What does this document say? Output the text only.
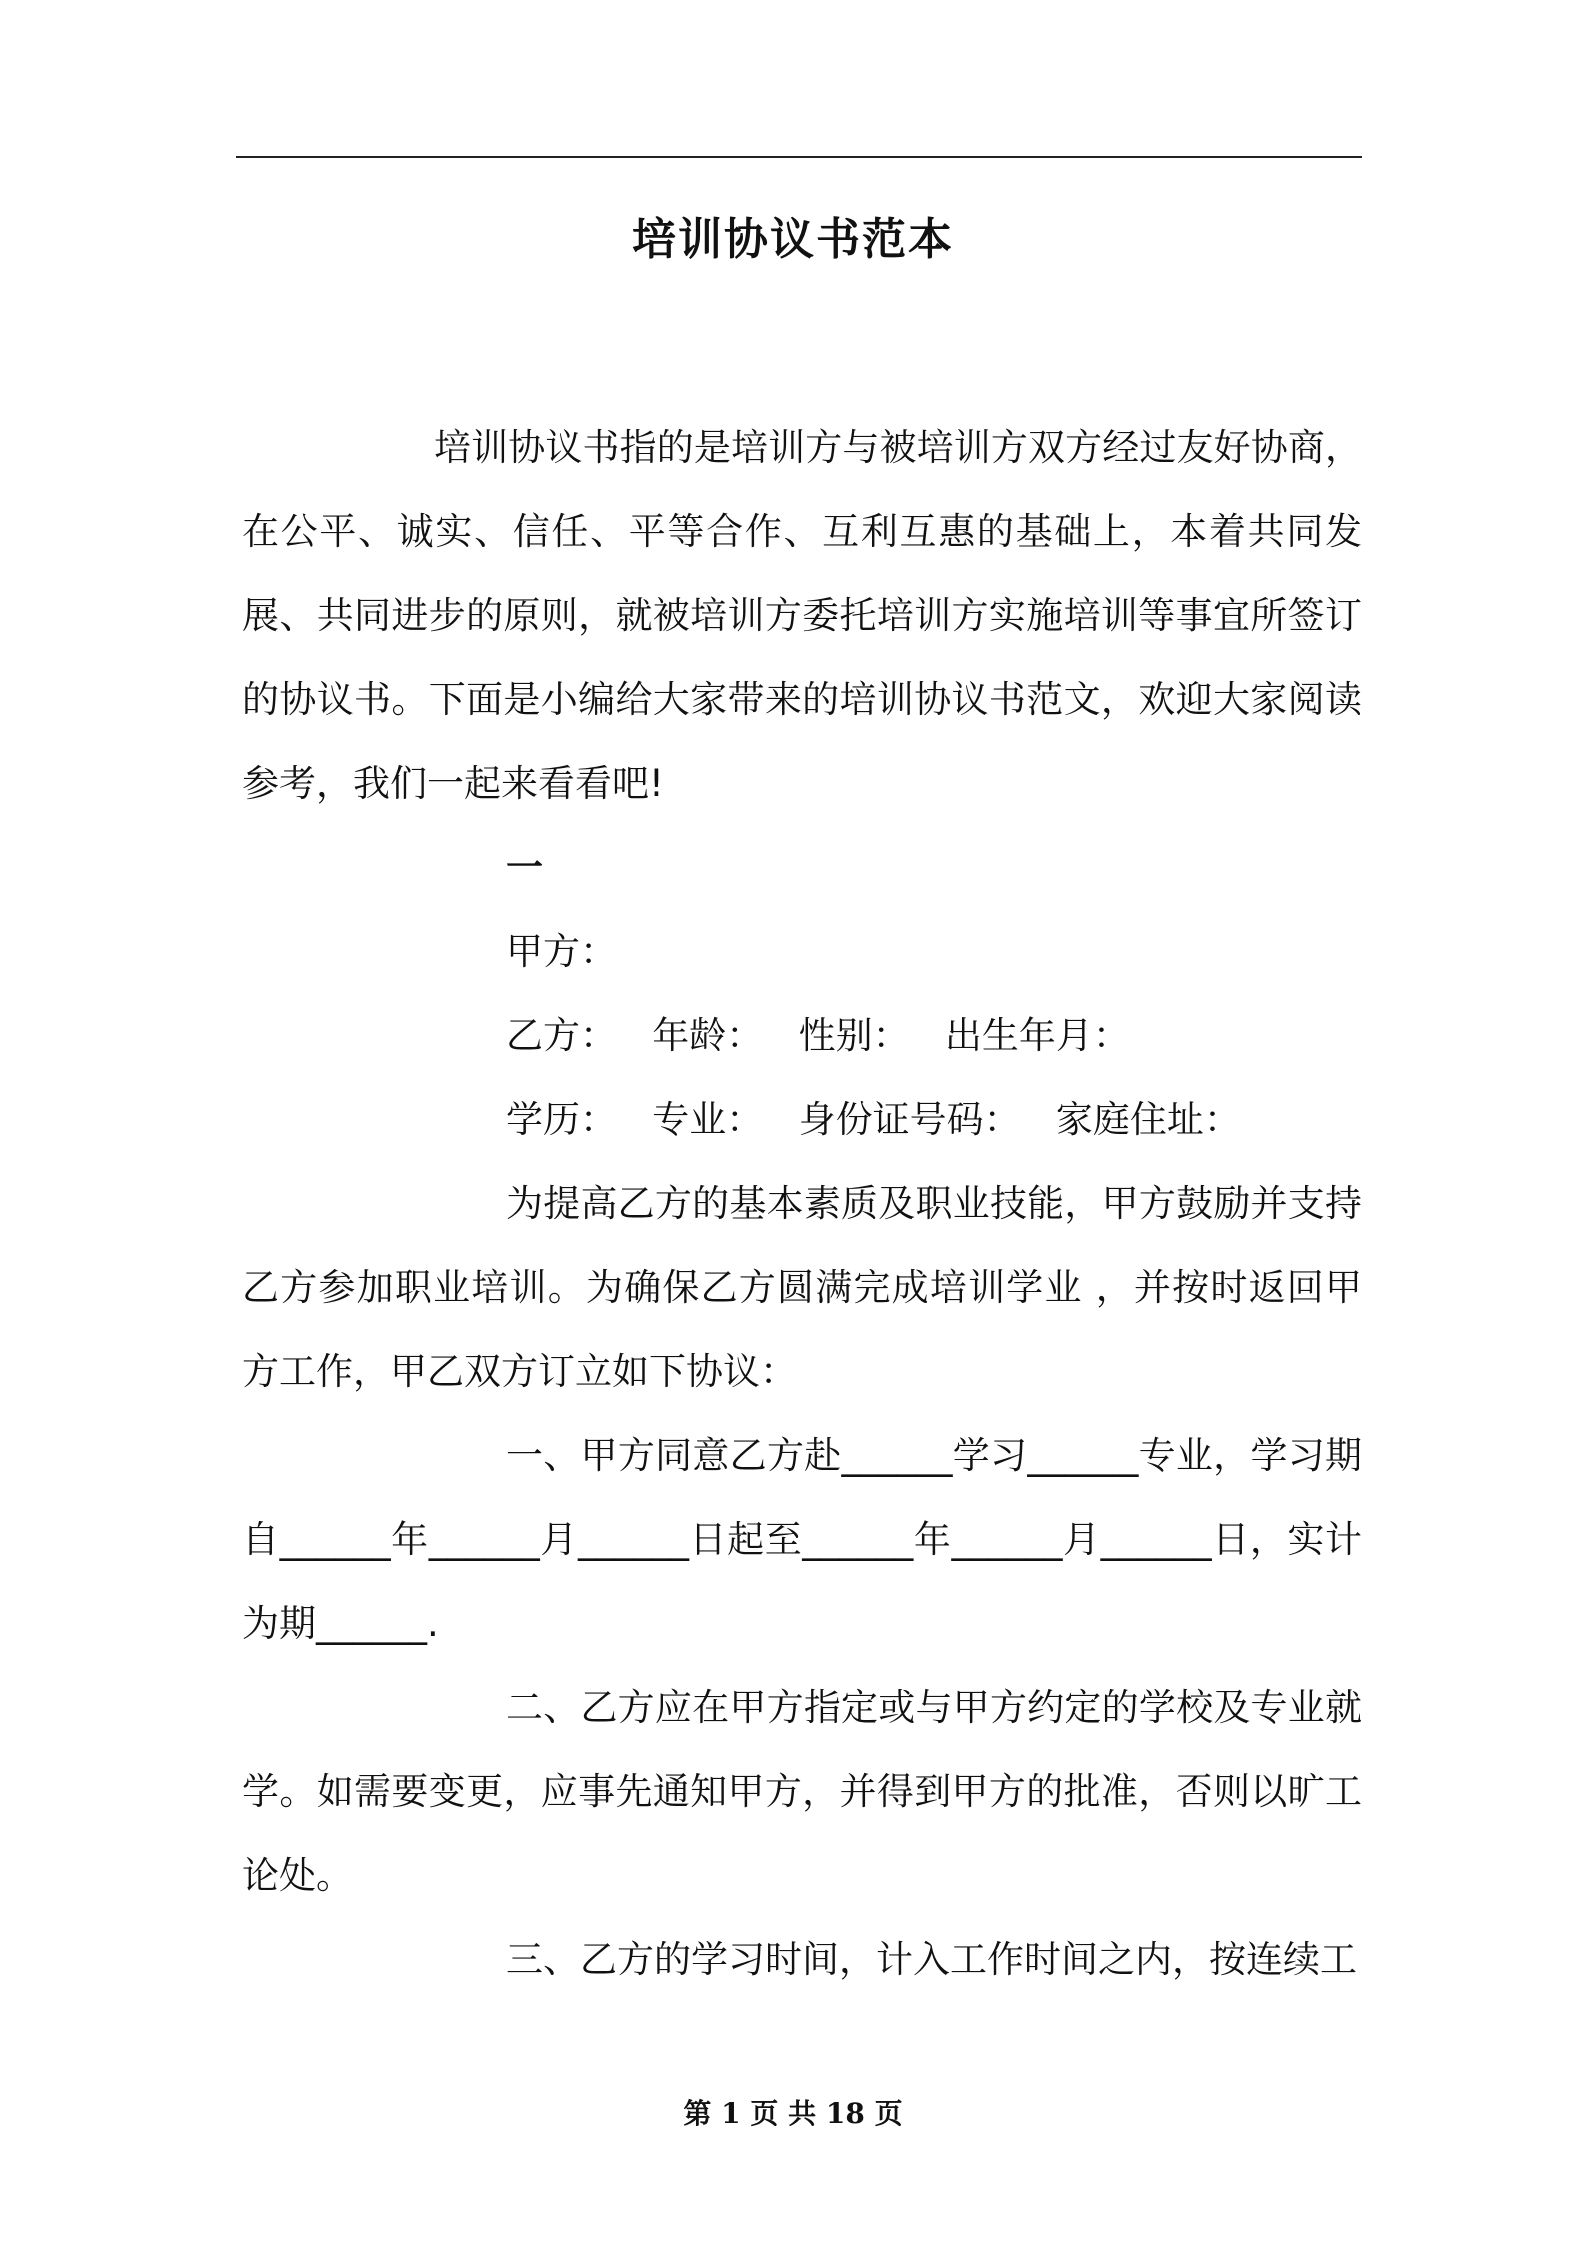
培训协议书范本

培训协议书指的是培训方与被培训方双方经过友好协商，在公平、诚实、信任、平等合作、互利互惠的基础上，本着共同发展、共同进步的原则，就被培训方委托培训方实施培训等事宜所签订的协议书。下面是小编给大家带来的培训协议书范文，欢迎大家阅读参考，我们一起来看看吧!

一

甲方：

乙方：   年龄：   性别：   出生年月：

学历：   专业：   身份证号码：   家庭住址：

为提高乙方的基本素质及职业技能，甲方鼓励并支持乙方参加职业培训。为确保乙方圆满完成培训学业 ，并按时返回甲方工作，甲乙双方订立如下协议：

一、甲方同意乙方赴______学习______专业，学习期自______年______月______日起至______年______月______日，实计为期______.

二、乙方应在甲方指定或与甲方约定的学校及专业就学。如需要变更，应事先通知甲方，并得到甲方的批准，否则以旷工论处。

三、乙方的学习时间，计入工作时间之内，按连续工

第 1 页 共 18 页
